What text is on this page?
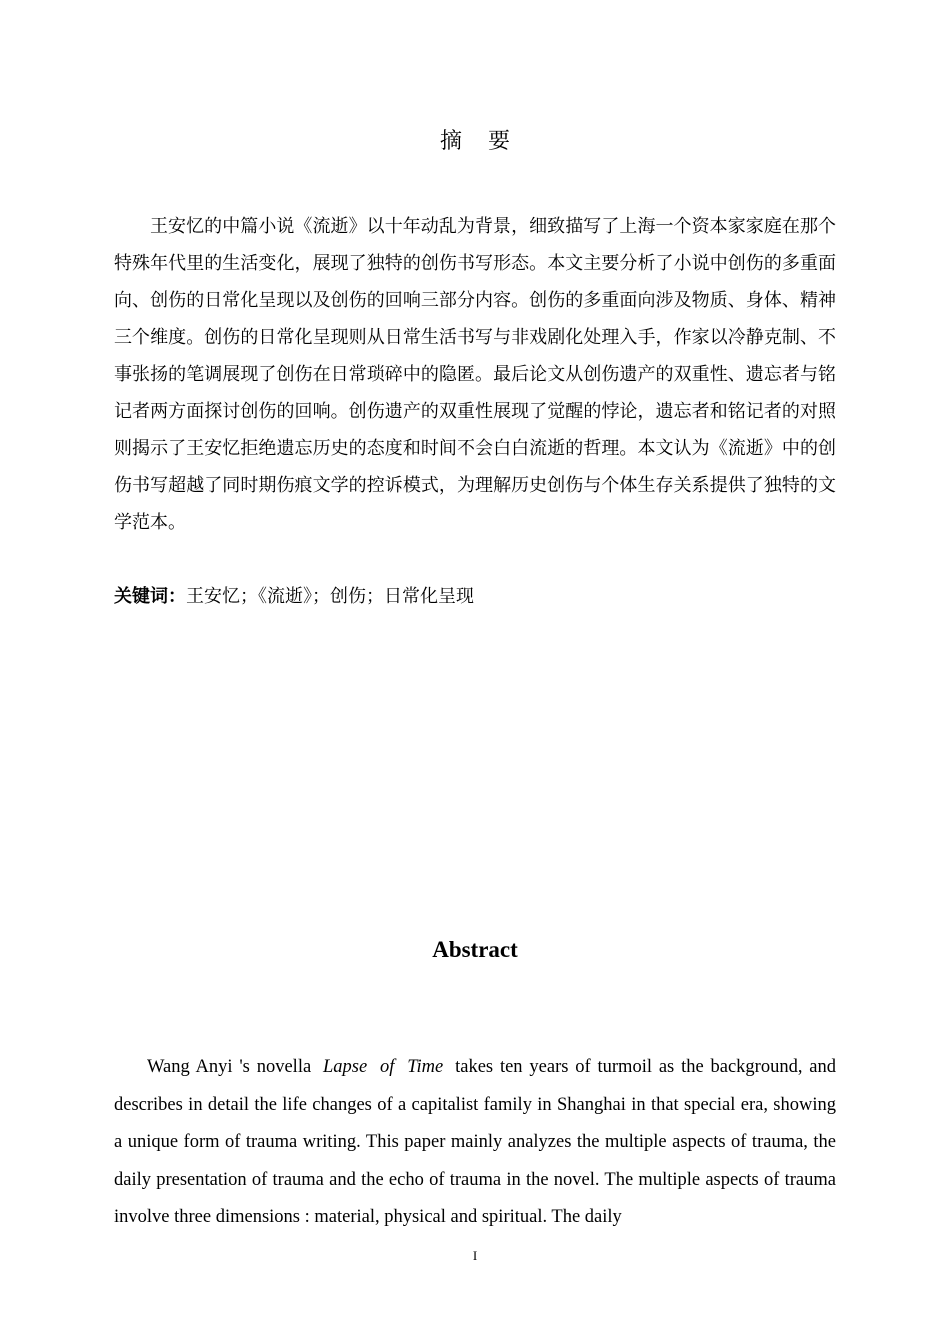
摘 要

王安忆的中篇小说《流逝》以十年动乱为背景，细致描写了上海一个资本家家庭在那个特殊年代里的生活变化，展现了独特的创伤书写形态。本文主要分析了小说中创伤的多重面向、创伤的日常化呈现以及创伤的回响三部分内容。创伤的多重面向涉及物质、身体、精神三个维度。创伤的日常化呈现则从日常生活书写与非戏剧化处理入手，作家以冷静克制、不事张扬的笔调展现了创伤在日常琐碎中的隐匿。最后论文从创伤遗产的双重性、遗忘者与铭记者两方面探讨创伤的回响。创伤遗产的双重性展现了觉醒的悖论，遗忘者和铭记者的对照则揭示了王安忆拒绝遗忘历史的态度和时间不会白白流逝的哲理。本文认为《流逝》中的创伤书写超越了同时期伤痕文学的控诉模式，为理解历史创伤与个体生存关系提供了独特的文学范本。

关键词：王安忆；《流逝》；创伤；日常化呈现

Abstract

Wang Anyi 's novella Lapse of Time takes ten years of turmoil as the background, and describes in detail the life changes of a capitalist family in Shanghai in that special era, showing a unique form of trauma writing. This paper mainly analyzes the multiple aspects of trauma, the daily presentation of trauma and the echo of trauma in the novel. The multiple aspects of trauma involve three dimensions : material, physical and spiritual. The daily

I
